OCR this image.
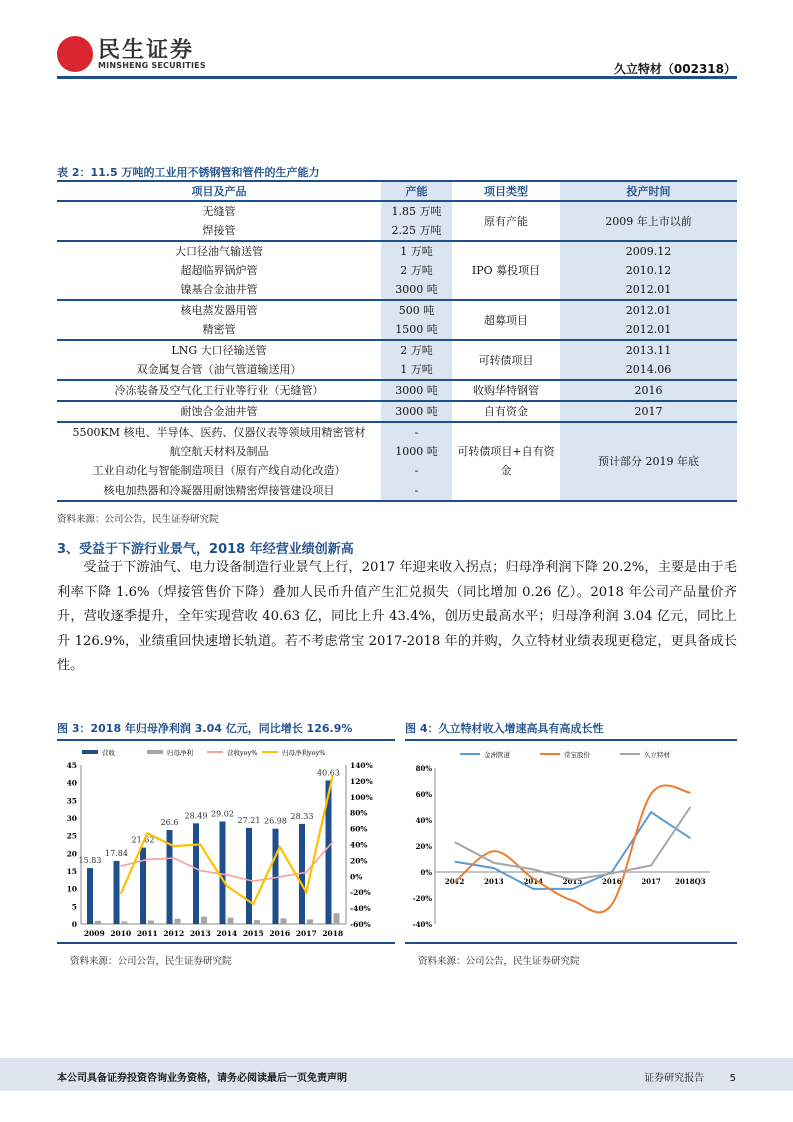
民生证券
MINSHENG SECURITIES	久立特材（002318）
表 2：11.5 万吨的工业用不锈钢管和管件的生产能力
项目及产品	产能	项目类型	投产时间
无缝管	1.85 万吨	原有产能	2009 年上市以前
焊接管	2.25 万吨		
大口径油气输送管	1 万吨	IPO 募投项目	2009.12
超超临界锅炉管	2 万吨		2010.12
镍基合金油井管	3000 吨		2012.01
核电蒸发器用管	500 吨	超募项目	2012.01
精密管	1500 吨		2012.01
LNG 大口径输送管	2 万吨	可转债项目	2013.11
双金属复合管（油气管道输送用）	1 万吨		2014.06
冷冻装备及空气化工行业等行业（无缝管）	3000 吨	收购华特钢管	2016
耐蚀合金油井管	3000 吨	自有资金	2017
5500KM 核电、半导体、医药、仪器仪表等领域用精密管材	-	可转债项目+自有资金	预计部分 2019 年底
航空航天材料及制品	1000 吨		
工业自动化与智能制造项目（原有产线自动化改造）	-		
核电加热器和冷凝器用耐蚀精密焊接管建设项目	-		
资料来源：公司公告，民生证券研究院
3、受益于下游行业景气，2018 年经营业绩创新高
受益于下游油气、电力设备制造行业景气上行，2017 年迎来收入拐点；归母净利润下降 20.2%，主要是由于毛利率下降 1.6%（焊接管售价下降）叠加人民币升值产生汇兑损失（同比增加 0.26 亿）。2018 年公司产品量价齐升，营收逐季提升，全年实现营收 40.63 亿，同比上升 43.4%，创历史最高水平；归母净利润 3.04 亿元，同比上升 126.9%，业绩重回快速增长轨道。若不考虑常宝 2017-2018 年的并购，久立特材业绩表现更稳定，更具备成长性。
图 3：2018 年归母净利润 3.04 亿元，同比增长 126.9%
0
5
10
15
20
25
30
35
40
45
-60%
-40%
-20%
0%
20%
40%
60%
80%
100%
120%
140%
2009 2010 2011 2012 2013 2014 2015 2016 2017 2018
15.83
17.84
21.62
26.6
28.49 29.02
27.21 26.98
28.33
40.63
营收	归母净利	营收yoy%	归母净利yoy%
资料来源：公司公告，民生证券研究院
图 4：久立特材收入增速高具有高成长性
-40%
-20%
0%
20%
40%
60%
80%
2012	2013	2014	2015	2016	2017 2018Q3
金洲管道	常宝股份	久立特材
资料来源：公司公告，民生证券研究院
本公司具备证券投资咨询业务资格，请务必阅读最后一页免责声明	证券研究报告	5
